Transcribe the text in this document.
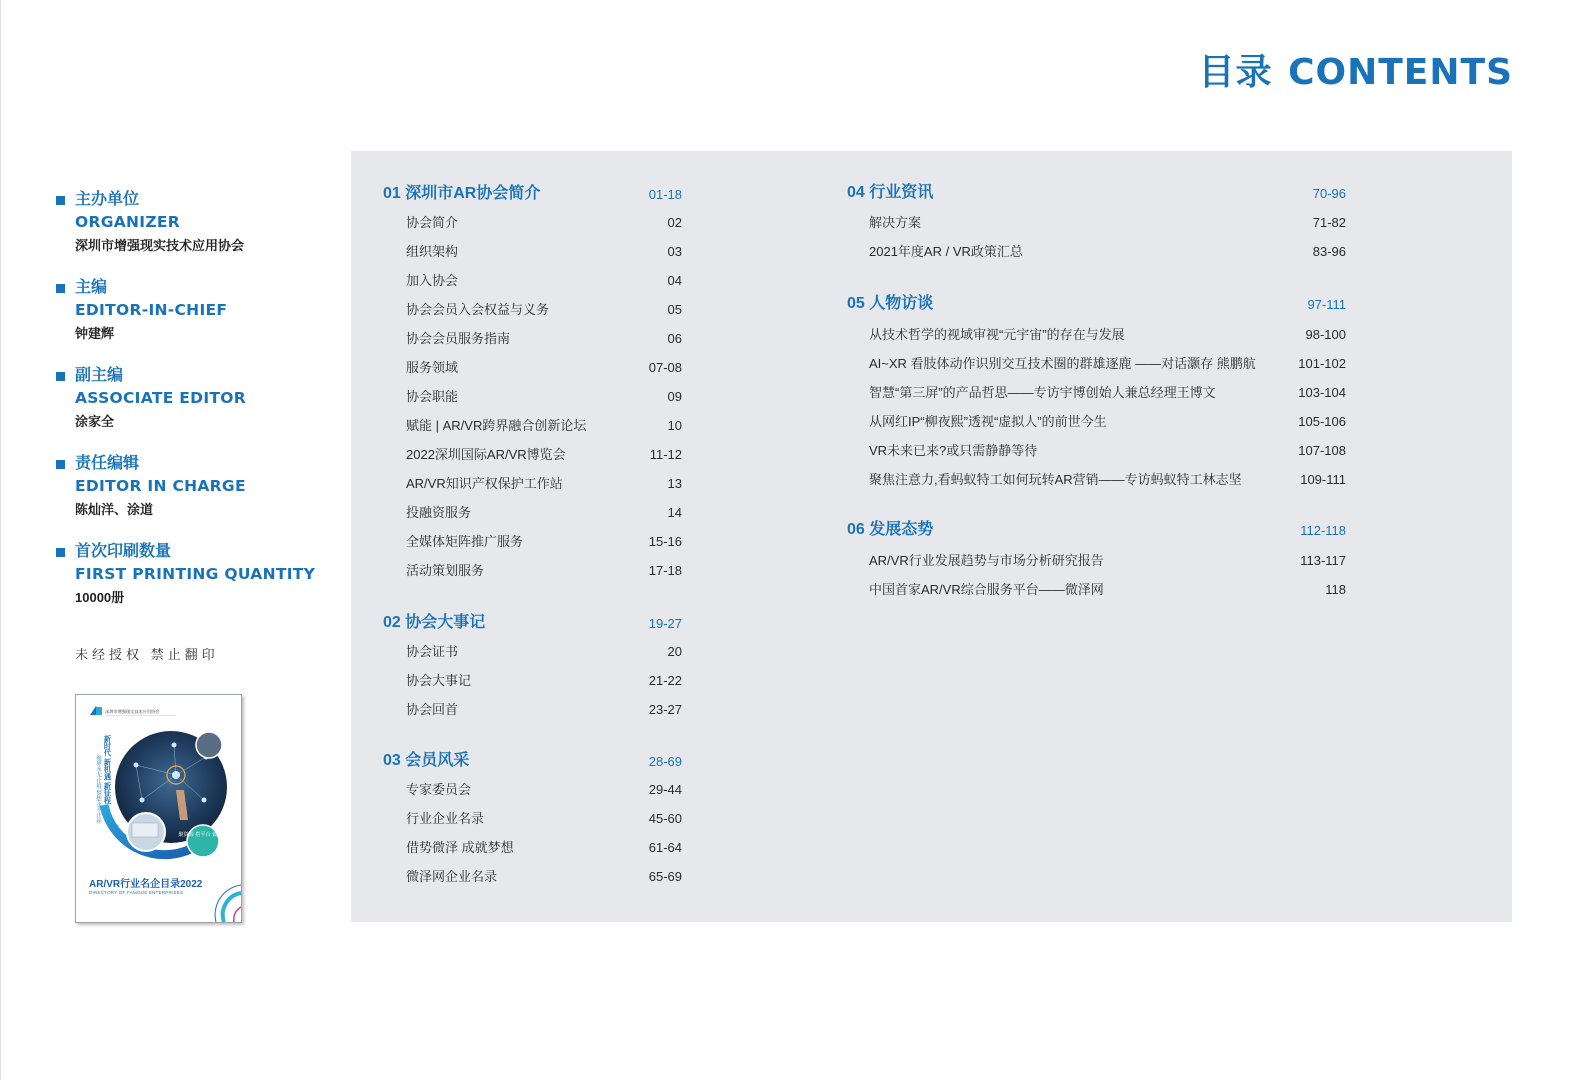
目录 CONTENTS
主办单位
ORGANIZER
深圳市增强现实技术应用协会
主编
EDITOR-IN-CHIEF
钟建辉
副主编
ASSOCIATE EDITOR
涂家全
责任编辑
EDITOR IN CHARGE
陈灿洋、涂道
首次印刷数量
FIRST PRINTING QUANTITY
10000册
未经授权 禁止翻印
深圳市增强现实技术应用协会
聚资源 搭平台 做服务
新时代 新机遇 新征程
视界永无止境 梦想永不止步
AR/VR行业名企目录2022
DIRECTORY OF FAMOUS ENTERPRISES
01 深圳市AR协会简介	01-18
协会简介	02
组织架构	03
加入协会	04
协会会员入会权益与义务	05
协会会员服务指南	06
服务领域	07-08
协会职能	09
赋能 | AR/VR跨界融合创新论坛	10
2022深圳国际AR/VR博览会	11-12
AR/VR知识产权保护工作站	13
投融资服务	14
全媒体矩阵推广服务	15-16
活动策划服务	17-18
02 协会大事记	19-27
协会证书	20
协会大事记	21-22
协会回首	23-27
03 会员风采	28-69
专家委员会	29-44
行业企业名录	45-60
借势微泽 成就梦想	61-64
微泽网企业名录	65-69
04 行业资讯	70-96
解决方案	71-82
2021年度AR / VR政策汇总	83-96
05 人物访谈	97-111
从技术哲学的视域审视“元宇宙”的存在与发展	98-100
AI~XR 看肢体动作识别交互技术圈的群雄逐鹿 ——对话灏存 熊鹏航	101-102
智慧“第三屏”的产品哲思——专访宇博创始人兼总经理王博文	103-104
从网红IP“柳夜熙”透视“虚拟人”的前世今生	105-106
VR未来已来?或只需静静等待	107-108
聚焦注意力,看蚂蚁特工如何玩转AR营销——专访蚂蚁特工林志坚	109-111
06 发展态势	112-118
AR/VR行业发展趋势与市场分析研究报告	113-117
中国首家AR/VR综合服务平台——微泽网	118
